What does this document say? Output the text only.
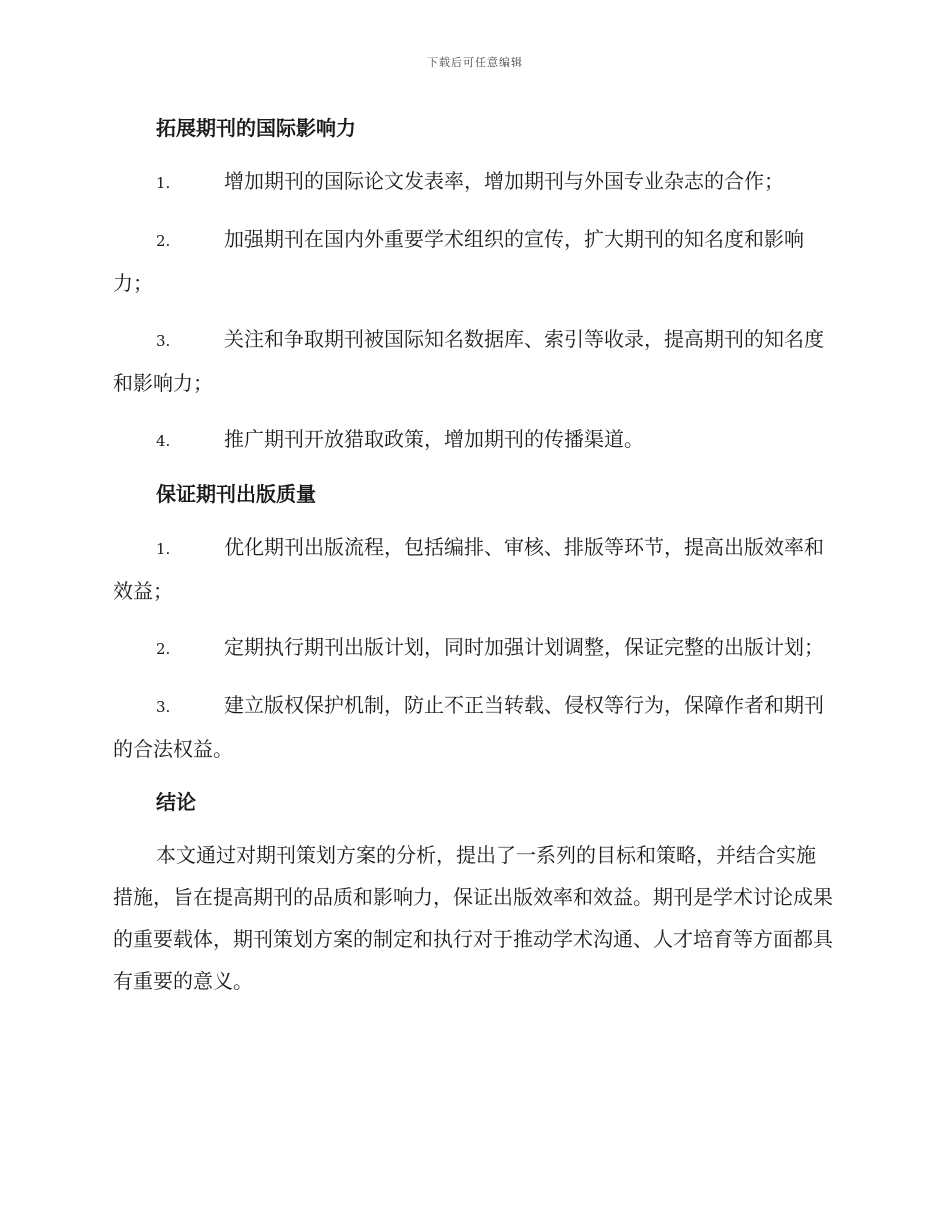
下载后可任意编辑
拓展期刊的国际影响力

1.	增加期刊的国际论文发表率，增加期刊与外国专业杂志的合作；

2.	加强期刊在国内外重要学术组织的宣传，扩大期刊的知名度和影响力；

3.	关注和争取期刊被国际知名数据库、索引等收录，提高期刊的知名度和影响力；

4.	推广期刊开放猎取政策，增加期刊的传播渠道。

保证期刊出版质量

1.	优化期刊出版流程，包括编排、审核、排版等环节，提高出版效率和效益；

2.	定期执行期刊出版计划，同时加强计划调整，保证完整的出版计划；

3.	建立版权保护机制，防止不正当转载、侵权等行为，保障作者和期刊的合法权益。

结论

本文通过对期刊策划方案的分析，提出了一系列的目标和策略，并结合实施措施，旨在提高期刊的品质和影响力，保证出版效率和效益。期刊是学术讨论成果的重要载体，期刊策划方案的制定和执行对于推动学术沟通、人才培育等方面都具有重要的意义。
